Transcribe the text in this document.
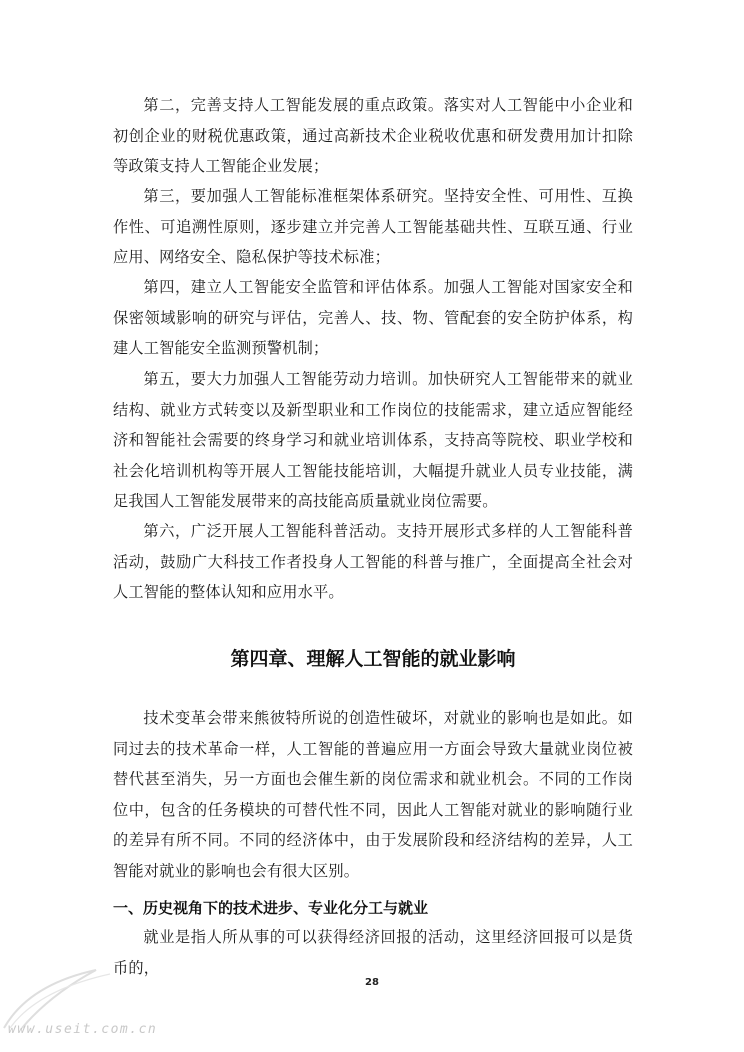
第二，完善支持人工智能发展的重点政策。落实对人工智能中小企业和初创企业的财税优惠政策，通过高新技术企业税收优惠和研发费用加计扣除等政策支持人工智能企业发展；

第三，要加强人工智能标准框架体系研究。坚持安全性、可用性、互换作性、可追溯性原则，逐步建立并完善人工智能基础共性、互联互通、行业应用、网络安全、隐私保护等技术标准；

第四，建立人工智能安全监管和评估体系。加强人工智能对国家安全和保密领域影响的研究与评估，完善人、技、物、管配套的安全防护体系，构建人工智能安全监测预警机制；

第五，要大力加强人工智能劳动力培训。加快研究人工智能带来的就业结构、就业方式转变以及新型职业和工作岗位的技能需求，建立适应智能经济和智能社会需要的终身学习和就业培训体系，支持高等院校、职业学校和社会化培训机构等开展人工智能技能培训，大幅提升就业人员专业技能，满足我国人工智能发展带来的高技能高质量就业岗位需要。

第六，广泛开展人工智能科普活动。支持开展形式多样的人工智能科普活动，鼓励广大科技工作者投身人工智能的科普与推广，全面提高全社会对人工智能的整体认知和应用水平。

第四章、理解人工智能的就业影响

技术变革会带来熊彼特所说的创造性破坏，对就业的影响也是如此。如同过去的技术革命一样，人工智能的普遍应用一方面会导致大量就业岗位被替代甚至消失，另一方面也会催生新的岗位需求和就业机会。不同的工作岗位中，包含的任务模块的可替代性不同，因此人工智能对就业的影响随行业的差异有所不同。不同的经济体中，由于发展阶段和经济结构的差异，人工智能对就业的影响也会有很大区别。

一、历史视角下的技术进步、专业化分工与就业

就业是指人所从事的可以获得经济回报的活动，这里经济回报可以是货币的，

28
www.useit.com.cn
